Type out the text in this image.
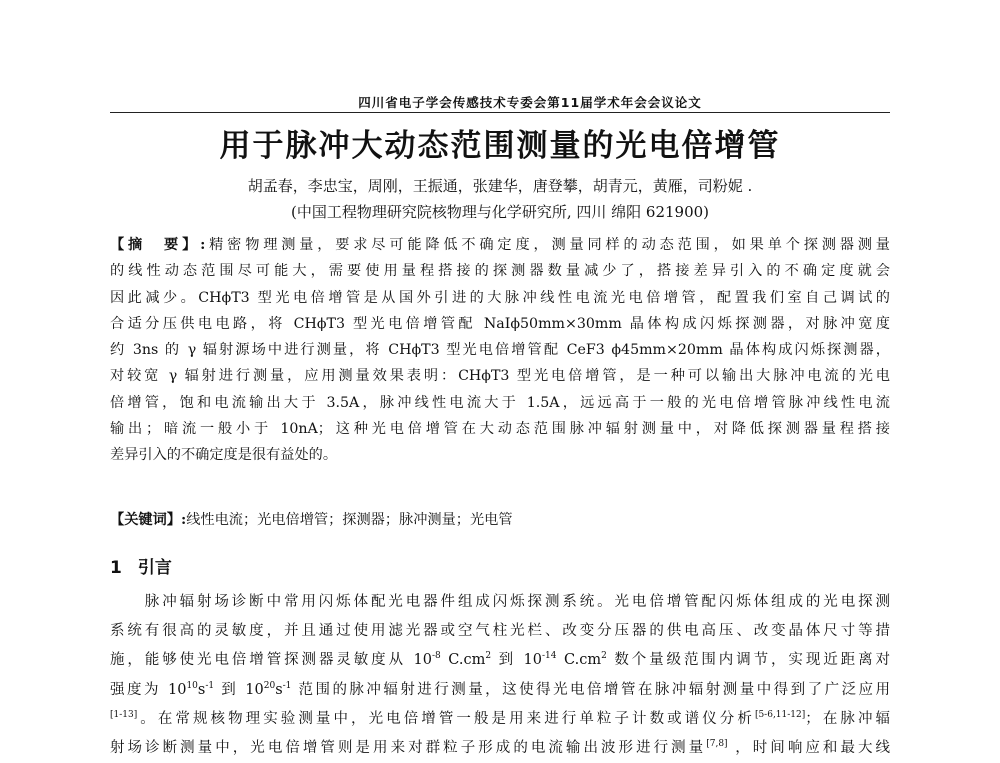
四川省电子学会传感技术专委会第11届学术年会会议论文
用于脉冲大动态范围测量的光电倍增管
胡孟春，李忠宝，周刚，王振通，张建华，唐登攀，胡青元，黄雁，司粉妮 .
(中国工程物理研究院核物理与化学研究所, 四川 绵阳 621900)
【摘　要】:精密物理测量，要求尽可能降低不确定度，测量同样的动态范围，如果单个探测器测量
的线性动态范围尽可能大，需要使用量程搭接的探测器数量减少了，搭接差异引入的不确定度就会
因此减少。CHϕT3 型光电倍增管是从国外引进的大脉冲线性电流光电倍增管，配置我们室自己调试的
合适分压供电电路，将 CHϕT3 型光电倍增管配 NaIϕ50mm×30mm 晶体构成闪烁探测器，对脉冲宽度
约 3ns 的 γ 辐射源场中进行测量，将 CHϕT3 型光电倍增管配 CeF3 ϕ45mm×20mm 晶体构成闪烁探测器，
对较宽 γ 辐射进行测量，应用测量效果表明：CHϕT3 型光电倍增管，是一种可以输出大脉冲电流的光电
倍增管，饱和电流输出大于 3.5A，脉冲线性电流大于 1.5A，远远高于一般的光电倍增管脉冲线性电流
输出；暗流一般小于 10nA；这种光电倍增管在大动态范围脉冲辐射测量中，对降低探测器量程搭接
差异引入的不确定度是很有益处的。
【关键词】:线性电流；光电倍增管；探测器；脉冲测量；光电管
1 引言
　　脉冲辐射场诊断中常用闪烁体配光电器件组成闪烁探测系统。光电倍增管配闪烁体组成的光电探测
系统有很高的灵敏度，并且通过使用滤光器或空气柱光栏、改变分压器的供电高压、改变晶体尺寸等措
施，能够使光电倍增管探测器灵敏度从 $10^{-8}$ $C.cm^2$ 到 $10^{-14}$ $C.cm^2$ 数个量级范围内调节，实现近距离对
强度为 $10^{10}s^{-1}$ 到 $10^{20}s^{-1}$ 范围的脉冲辐射进行测量，这使得光电倍增管在脉冲辐射测量中得到了广泛应用
[1-13]。在常规核物理实验测量中，光电倍增管一般是用来进行单粒子计数或谱仪分析[5-6,11-12]；在脉冲辐
射场诊断测量中，光电倍增管则是用来对群粒子形成的电流输出波形进行测量[7,8] ，时间响应和最大线
